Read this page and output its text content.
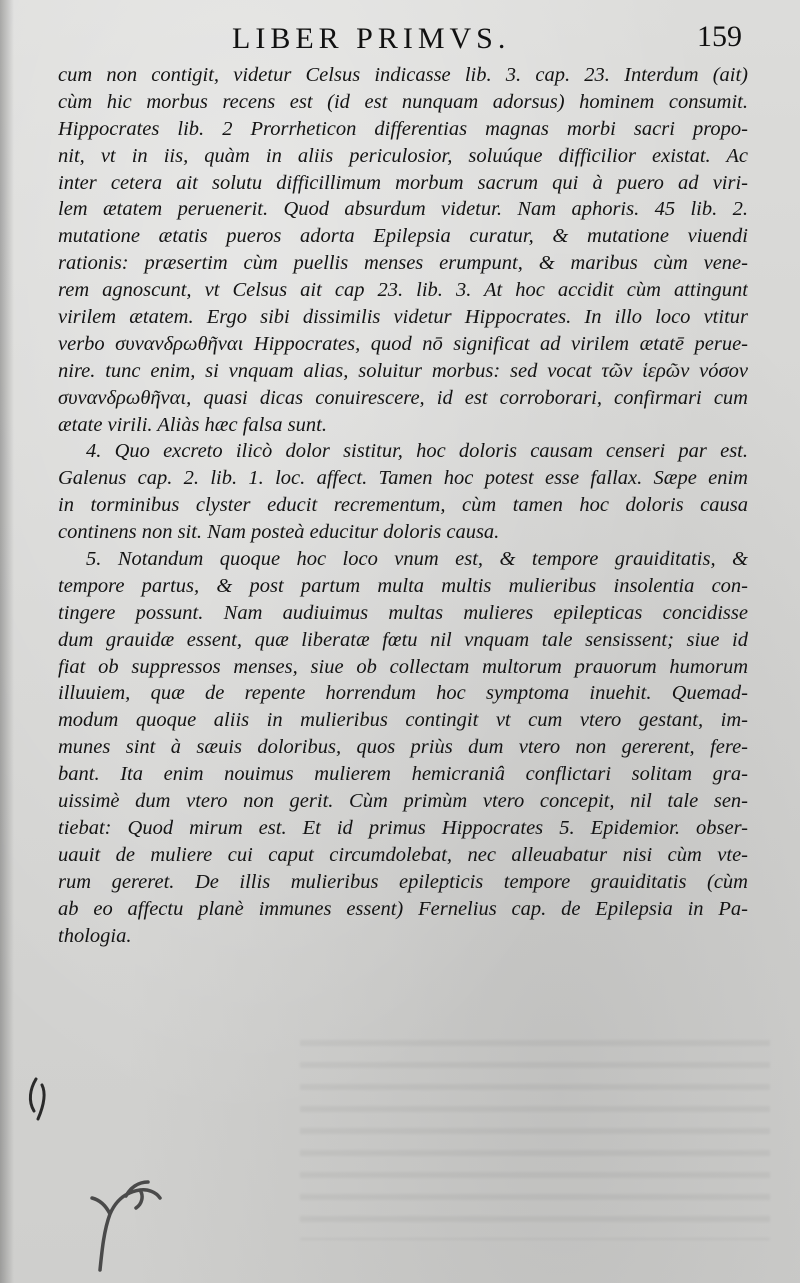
LIBER PRIMVS.	159
cum non contigit, videtur Celsus indicasse lib. 3. cap. 23. Interdum (ait)
cùm hic morbus recens est (id est nunquam adorsus) hominem consumit.
Hippocrates lib. 2 Prorrheticon differentias magnas morbi sacri propo-
nit, vt in iis, quàm in aliis periculosior, soluúque difficilior existat. Ac
inter cetera ait solutu difficillimum morbum sacrum qui à puero ad viri-
lem ætatem peruenerit. Quod absurdum videtur. Nam aphoris. 45 lib. 2.
mutatione ætatis pueros adorta Epilepsia curatur, & mutatione viuendi
rationis: præsertim cùm puellis menses erumpunt, & maribus cùm vene-
rem agnoscunt, vt Celsus ait cap 23. lib. 3. At hoc accidit cùm attingunt
virilem ætatem. Ergo sibi dissimilis videtur Hippocrates. In illo loco vtitur
verbo συνανδρωθῆναι Hippocrates, quod nō significat ad virilem ætatē perue-
nire. tunc enim, si vnquam alias, soluitur morbus: sed vocat τῶν ἱερῶν νόσον
συνανδρωθῆναι, quasi dicas conuirescere, id est corroborari, confirmari cum
ætate virili. Aliàs hæc falsa sunt.
4. Quo excreto ilicò dolor sistitur, hoc doloris causam censeri par est.
Galenus cap. 2. lib. 1. loc. affect. Tamen hoc potest esse fallax. Sæpe enim
in torminibus clyster educit recrementum, cùm tamen hoc doloris causa
continens non sit. Nam posteà educitur doloris causa.
5. Notandum quoque hoc loco vnum est, & tempore grauiditatis, &
tempore partus, & post partum multa multis mulieribus insolentia con-
tingere possunt. Nam audiuimus multas mulieres epilepticas concidisse
dum grauidæ essent, quæ liberatæ fœtu nil vnquam tale sensissent; siue id
fiat ob suppressos menses, siue ob collectam multorum prauorum humorum
illuuiem, quæ de repente horrendum hoc symptoma inuehit. Quemad-
modum quoque aliis in mulieribus contingit vt cum vtero gestant, im-
munes sint à sæuis doloribus, quos priùs dum vtero non gererent, fere-
bant. Ita enim nouimus mulierem hemicraniâ conflictari solitam gra-
uissimè dum vtero non gerit. Cùm primùm vtero concepit, nil tale sen-
tiebat: Quod mirum est. Et id primus Hippocrates 5. Epidemior. obser-
uauit de muliere cui caput circumdolebat, nec alleuabatur nisi cùm vte-
rum gereret. De illis mulieribus epilepticis tempore grauiditatis (cùm
ab eo affectu planè immunes essent) Fernelius cap. de Epilepsia in Pa-
thologia.
